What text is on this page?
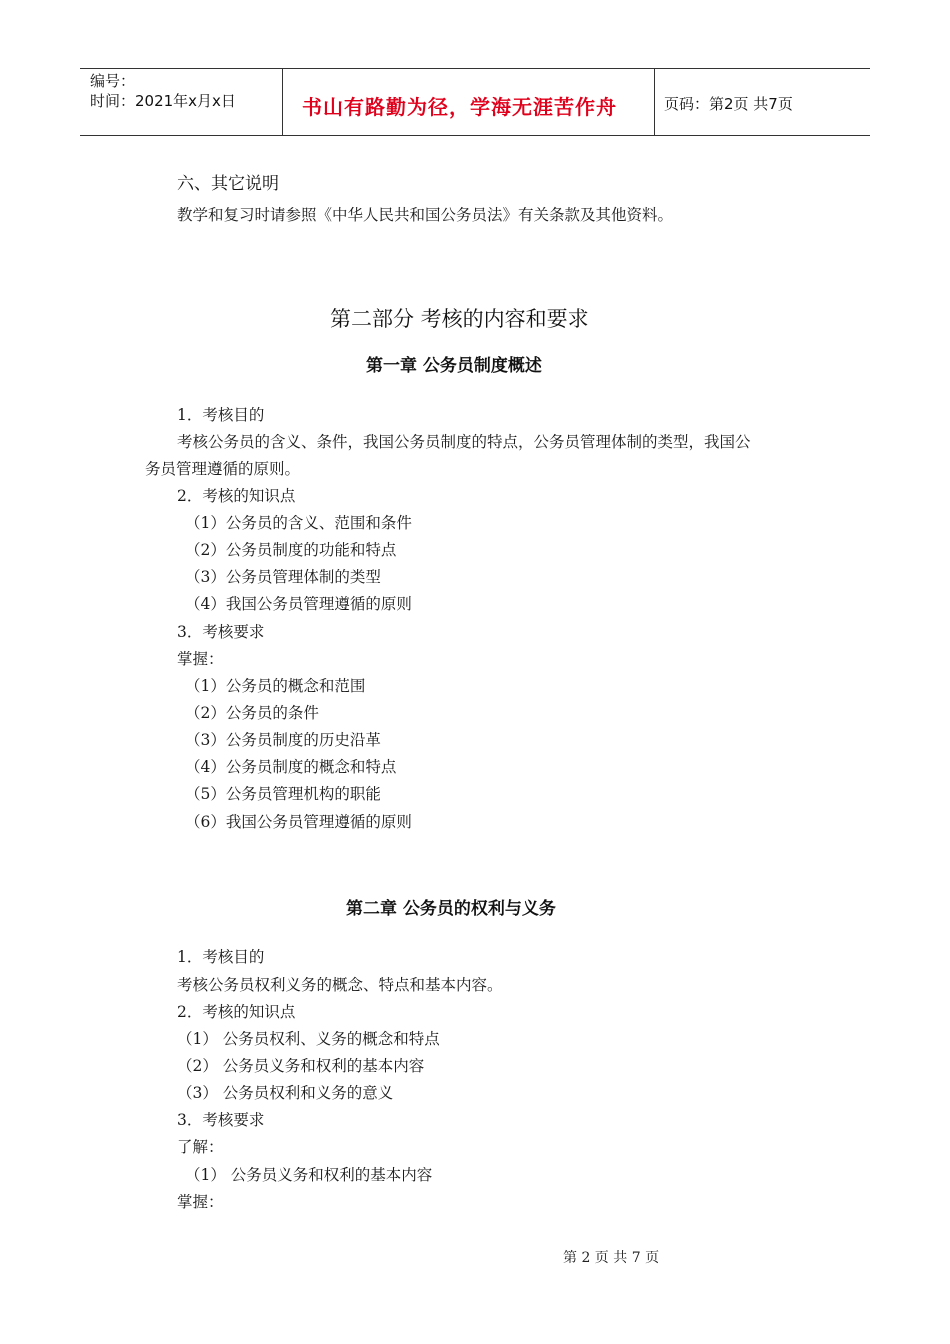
编号：
时间：2021年x月x日	书山有路勤为径，学海无涯苦作舟	页码：第2页 共7页
六、其它说明
教学和复习时请参照《中华人民共和国公务员法》有关条款及其他资料。
第二部分 考核的内容和要求
第一章 公务员制度概述
1．考核目的
考核公务员的含义、条件，我国公务员制度的特点，公务员管理体制的类型，我国公
务员管理遵循的原则。
2．考核的知识点
（1）公务员的含义、范围和条件
（2）公务员制度的功能和特点
（3）公务员管理体制的类型
（4）我国公务员管理遵循的原则
3．考核要求
掌握：
（1）公务员的概念和范围
（2）公务员的条件
（3）公务员制度的历史沿革
（4）公务员制度的概念和特点
（5）公务员管理机构的职能
（6）我国公务员管理遵循的原则
第二章 公务员的权利与义务
1．考核目的
考核公务员权利义务的概念、特点和基本内容。
2．考核的知识点
（1） 公务员权利、义务的概念和特点
（2） 公务员义务和权利的基本内容
（3） 公务员权利和义务的意义
3．考核要求
了解：
（1） 公务员义务和权利的基本内容
掌握：
第 2 页 共 7 页
